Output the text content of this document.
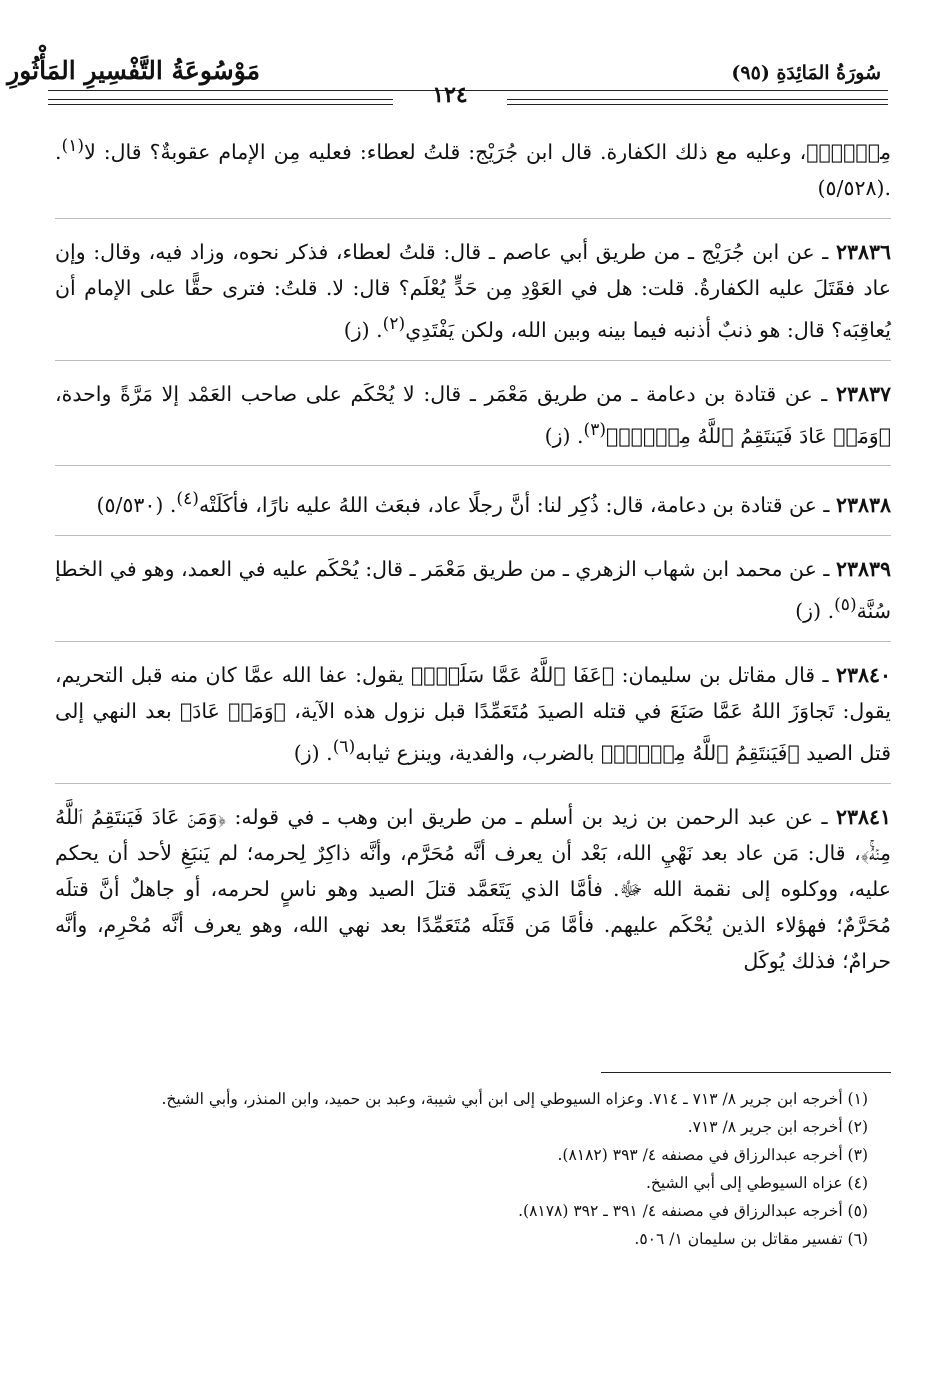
مَوْسُوعَةُ التَّفْسِيرِ المَأْثُورِ	سُورَةُ المَائِدَةِ (٩٥)
١٢٤

مِنۡهُۚ﴾، وعليه مع ذلك الكفارة. قال ابن جُرَيْج: قلتُ لعطاء: فعليه مِن الإمام عقوبةٌ؟ قال: لا$^{(١)}$. (٥/٥٢٨).

٢٣٨٣٦ ـ عن ابن جُرَيْج ـ من طريق أبي عاصم ـ قال: قلتُ لعطاء، فذكر نحوه، وزاد فيه، وقال: وإن عاد فقَتَلَ عليه الكفارةُ. قلت: هل في العَوْدِ مِن حَدٍّ يُعْلَم؟ قال: لا. قلتُ: فترى حقًّا على الإمام أن يُعاقِبَه؟ قال: هو ذنبٌ أذنبه فيما بينه وبين الله، ولكن يَفْتَدِي$^{(٢)}$. (ز)

٢٣٨٣٧ ـ عن قتادة بن دعامة ـ من طريق مَعْمَر ـ قال: لا يُحْكَم على صاحب العَمْد إلا مَرَّةً واحدة، ﴿وَمَنۡ عَادَ فَيَنتَقِمُ ٱللَّهُ مِنۡهُۚ﴾$^{(٣)}$. (ز)

٢٣٨٣٨ ـ عن قتادة بن دعامة، قال: ذُكِر لنا: أنَّ رجلًا عاد، فبعَث اللهُ عليه نارًا، فأكَلَتْه$^{(٤)}$. (٥/٥٣٠)

٢٣٨٣٩ ـ عن محمد ابن شهاب الزهري ـ من طريق مَعْمَر ـ قال: يُحْكَم عليه في العمد، وهو في الخطإ سُنَّة$^{(٥)}$. (ز)

٢٣٨٤٠ ـ قال مقاتل بن سليمان: ﴿عَفَا ٱللَّهُ عَمَّا سَلَفَۚ﴾ يقول: عفا الله عمَّا كان منه قبل التحريم، يقول: تَجاوَزَ اللهُ عَمَّا صَنَعَ في قتله الصيدَ مُتَعَمِّدًا قبل نزول هذه الآية، ﴿وَمَنۡ عَادَ﴾ بعد النهي إلى قتل الصيد ﴿فَيَنتَقِمُ ٱللَّهُ مِنۡهُۚ﴾ بالضرب، والفدية، وينزع ثيابه$^{(٦)}$. (ز)

٢٣٨٤١ ـ عن عبد الرحمن بن زيد بن أسلم ـ من طريق ابن وهب ـ في قوله: ﴿وَمَنۡ عَادَ فَيَنتَقِمُ ٱللَّهُ مِنۡهُۚ﴾، قال: مَن عاد بعد نَهْيِ الله، بَعْد أن يعرف أنَّه مُحَرَّم، وأنَّه ذاكِرٌ لِحرمه؛ لم يَنبَغِ لأحد أن يحكم عليه، ووكلوه إلى نقمة الله ﷻ. فأمَّا الذي يَتَعَمَّد قتلَ الصيد وهو ناسٍ لحرمه، أو جاهلٌ أنَّ قتلَه مُحَرَّمٌ؛ فهؤلاء الذين يُحْكَم عليهم. فأمَّا مَن قَتَلَه مُتَعَمِّدًا بعد نهي الله، وهو يعرف أنَّه مُحْرِم، وأنَّه حرامٌ؛ فذلك يُوكَل

(١) أخرجه ابن جرير ٨/ ٧١٣ ـ ٧١٤. وعزاه السيوطي إلى ابن أبي شيبة، وعبد بن حميد، وابن المنذر، وأبي الشيخ.

(٢) أخرجه ابن جرير ٨/ ٧١٣.

(٣) أخرجه عبدالرزاق في مصنفه ٤/ ٣٩٣ (٨١٨٢).

(٤) عزاه السيوطي إلى أبي الشيخ.

(٥) أخرجه عبدالرزاق في مصنفه ٤/ ٣٩١ ـ ٣٩٢ (٨١٧٨).

(٦) تفسير مقاتل بن سليمان ١/ ٥٠٦.
